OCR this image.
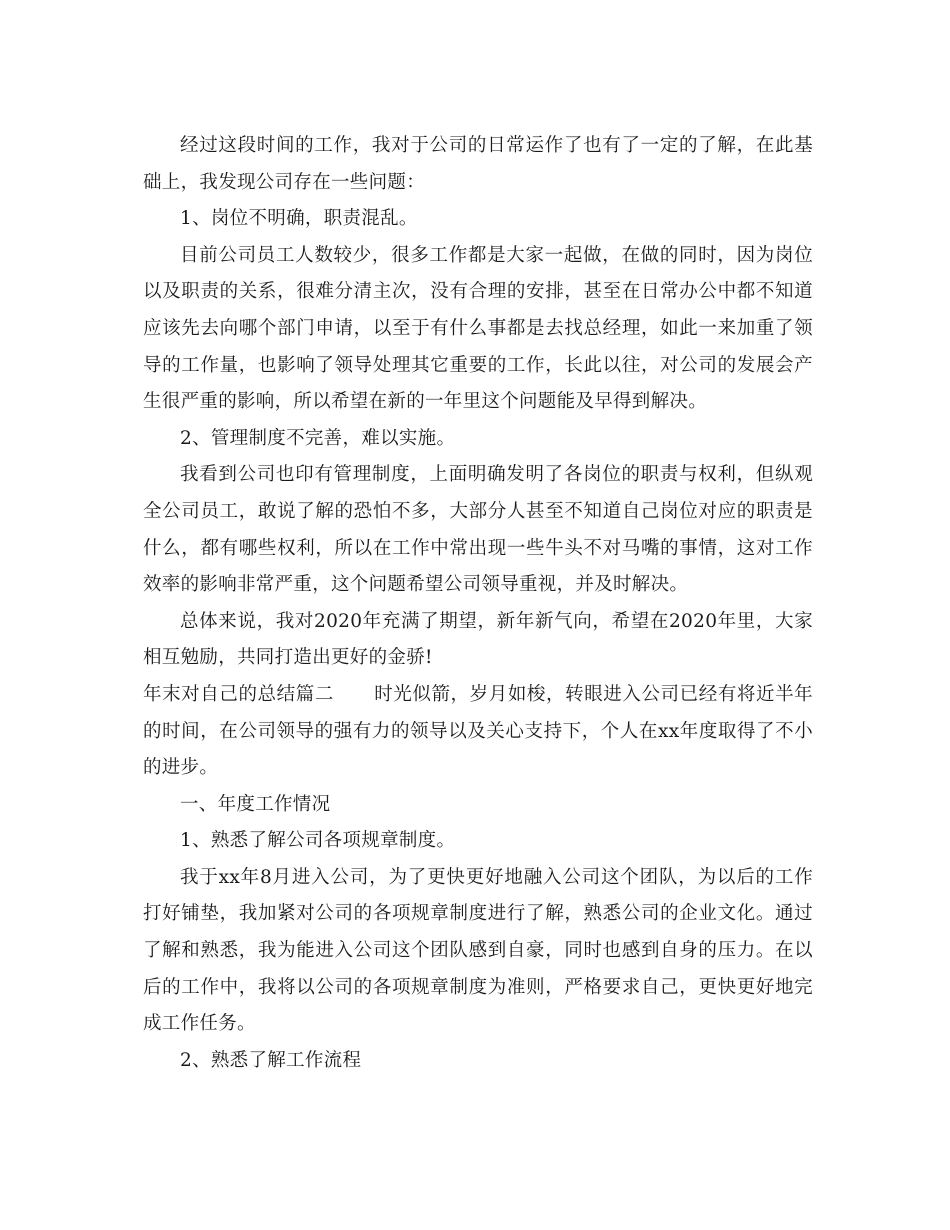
经过这段时间的工作，我对于公司的日常运作了也有了一定的了解，在此基础上，我发现公司存在一些问题：

1、岗位不明确，职责混乱。

目前公司员工人数较少，很多工作都是大家一起做，在做的同时，因为岗位以及职责的关系，很难分清主次，没有合理的安排，甚至在日常办公中都不知道应该先去向哪个部门申请，以至于有什么事都是去找总经理，如此一来加重了领导的工作量，也影响了领导处理其它重要的工作，长此以往，对公司的发展会产生很严重的影响，所以希望在新的一年里这个问题能及早得到解决。

2、管理制度不完善，难以实施。

我看到公司也印有管理制度，上面明确发明了各岗位的职责与权利，但纵观全公司员工，敢说了解的恐怕不多，大部分人甚至不知道自己岗位对应的职责是什么，都有哪些权利，所以在工作中常出现一些牛头不对马嘴的事情，这对工作效率的影响非常严重，这个问题希望公司领导重视，并及时解决。

总体来说，我对2020年充满了期望，新年新气向，希望在2020年里，大家相互勉励，共同打造出更好的金骄!

年末对自己的总结篇二 时光似箭，岁月如梭，转眼进入公司已经有将近半年的时间，在公司领导的强有力的领导以及关心支持下，个人在xx年度取得了不小的进步。

一、年度工作情况

1、熟悉了解公司各项规章制度。

我于xx年8月进入公司，为了更快更好地融入公司这个团队，为以后的工作打好铺垫，我加紧对公司的各项规章制度进行了解，熟悉公司的企业文化。通过了解和熟悉，我为能进入公司这个团队感到自豪，同时也感到自身的压力。在以后的工作中，我将以公司的各项规章制度为准则，严格要求自己，更快更好地完成工作任务。

2、熟悉了解工作流程
